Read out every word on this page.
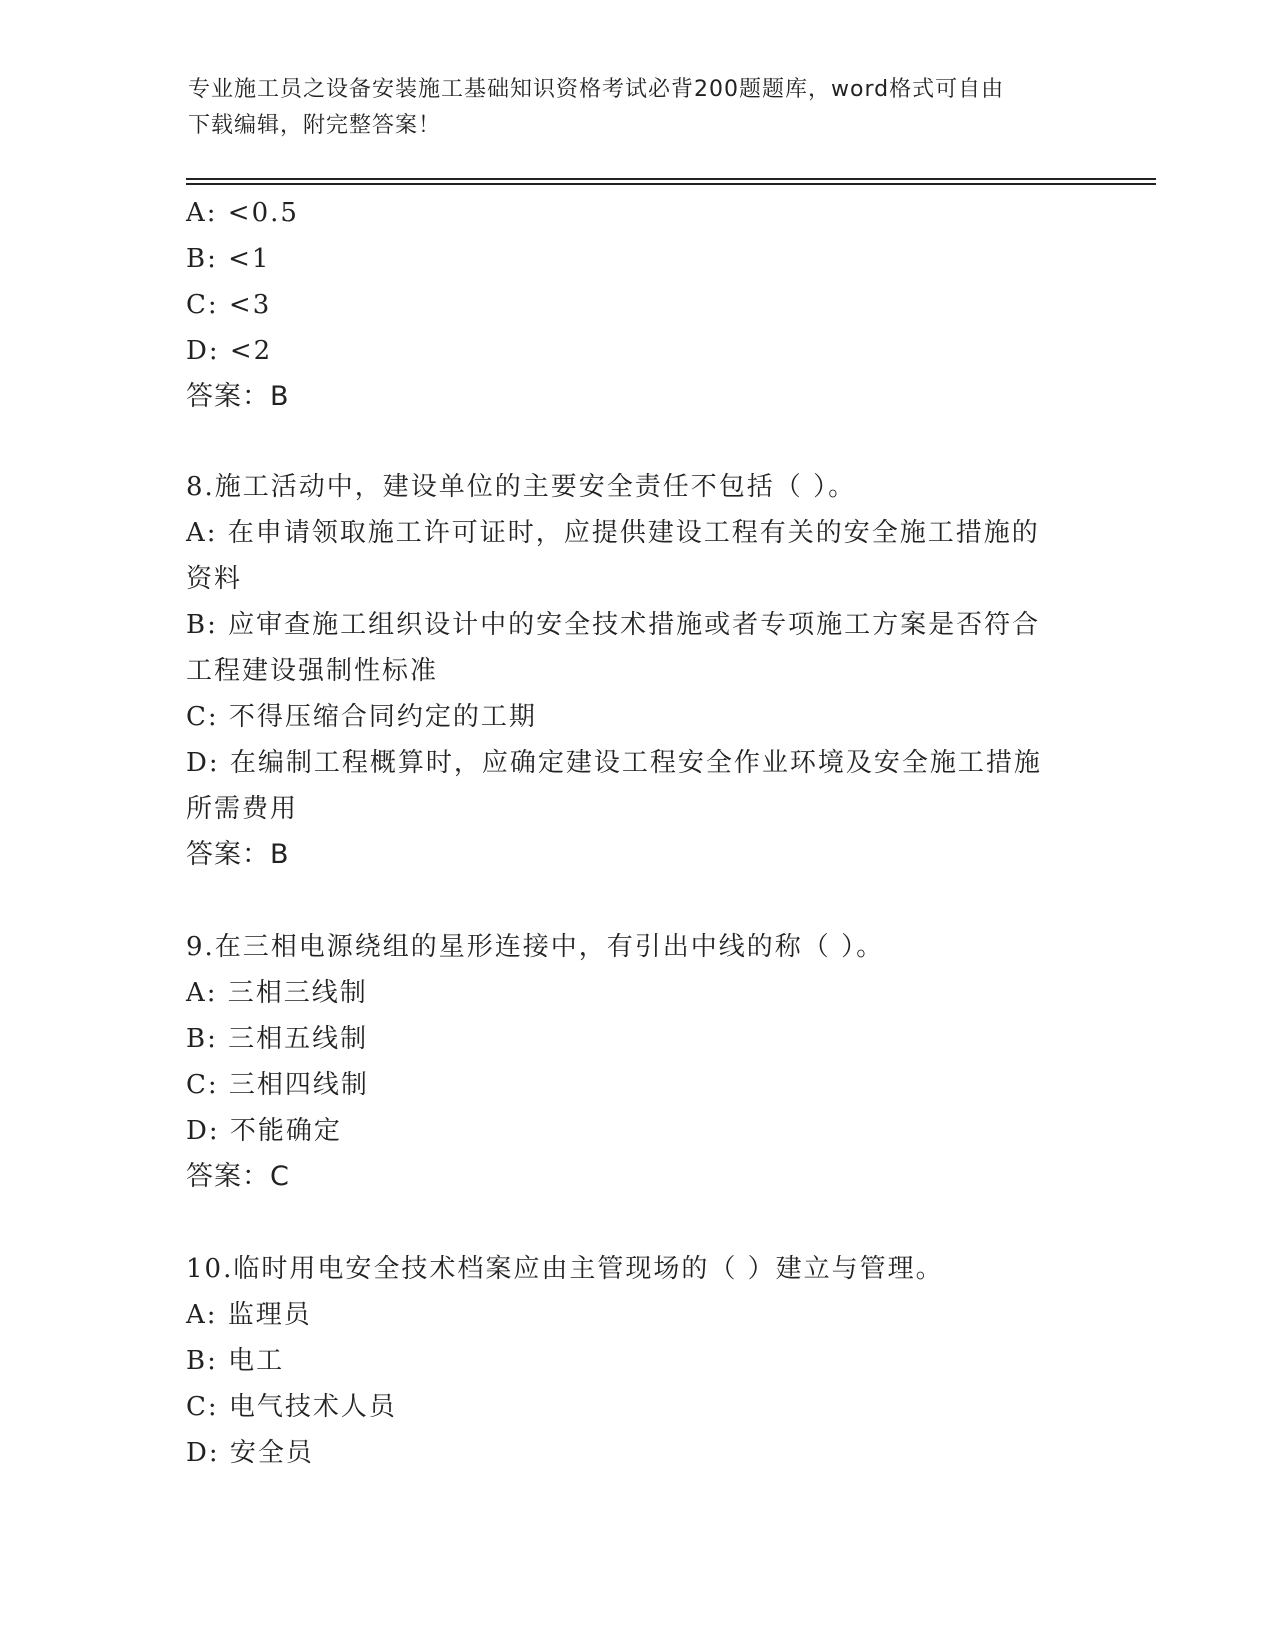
专业施工员之设备安装施工基础知识资格考试必背200题题库，word格式可自由
下载编辑，附完整答案！
A: <0.5
B: <1
C: <3
D: <2
答案：B
8.施工活动中，建设单位的主要安全责任不包括（ ）。
A: 在申请领取施工许可证时，应提供建设工程有关的安全施工措施的
资料
B: 应审查施工组织设计中的安全技术措施或者专项施工方案是否符合
工程建设强制性标准
C: 不得压缩合同约定的工期
D: 在编制工程概算时，应确定建设工程安全作业环境及安全施工措施
所需费用
答案：B
9.在三相电源绕组的星形连接中，有引出中线的称（ ）。
A: 三相三线制
B: 三相五线制
C: 三相四线制
D: 不能确定
答案：C
10.临时用电安全技术档案应由主管现场的（ ）建立与管理。
A: 监理员
B: 电工
C: 电气技术人员
D: 安全员
